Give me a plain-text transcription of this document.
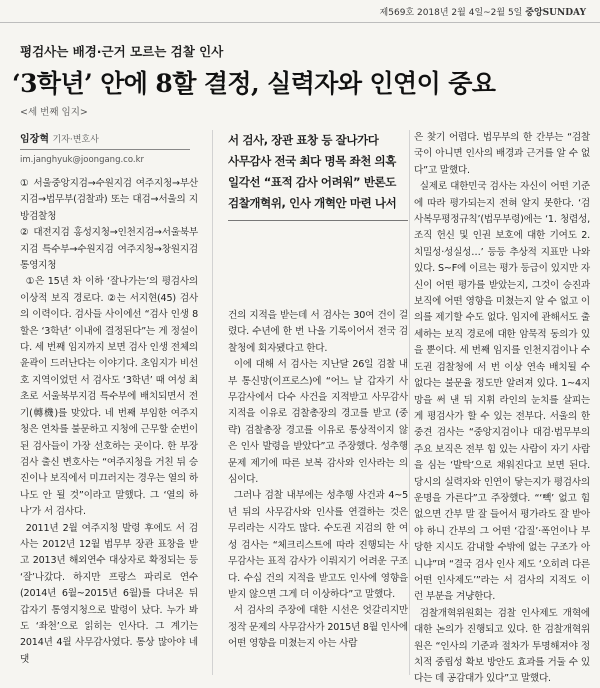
제569호 2018년 2월 4일~2월 5일 중앙SUNDAY
평검사는 배경·근거 모르는 검찰 인사
‘3학년’ 안에 8할 결정, 실력자와 인연이 중요
<세 번째 임지>
임장혁 기자·변호사
im.janghyuk@joongang.co.kr

① 서울중앙지검→수원지검 여주지청→부산지검→법무부(검찰과) 또는 대검→서울의 지방검찰청

② 대전지검 홍성지청→인천지검→서울북부지검 특수부→수원지검 여주지청→창원지검 통영지청

①은 15년 차 이하 ‘잘나가는’의 평검사의 이상적 보직 경로다. ②는 서지현(45) 검사의 이력이다. 검사들 사이에선 “검사 인생 8할은 ‘3학년’ 이내에 결정된다”는 게 정설이다. 세 번째 임지까지 보면 검사 인생 전체의 윤곽이 드러난다는 이야기다. 초임지가 비선호 지역이었던 서 검사도 ‘3학년’ 때 여성 최초로 서울북부지검 특수부에 배치되면서 전기(轉機)를 맞았다. 네 번째 부임한 여주지청은 연차를 불문하고 지청에 근무할 순번이 된 검사들이 가장 선호하는 곳이다. 한 부장 검사 출신 변호사는 “여주지청을 거친 뒤 승진이나 보직에서 미끄러지는 경우는 열의 하나도 안 될 것”이라고 말했다. 그 ‘열의 하나’가 서 검사다.

2011년 2월 여주지청 발령 후에도 서 검사는 2012년 12월 법무부 장관 표창을 받고 2013년 해외연수 대상자로 확정되는 등 ‘잘’나갔다. 하지만 프랑스 파리로 연수(2014년 6월~2015년 6월)를 다녀온 뒤 갑자기 통영지청으로 발령이 났다. 누가 봐도 ‘좌천’으로 읽히는 인사다. 그 계기는 2014년 4월 사무감사였다. 통상 많아야 네댓

서 검사, 장관 표창 등 잘나가다
사무감사 전국 최다 명목 좌천 의혹
일각선 “표적 감사 어려워” 반론도
검찰개혁위, 인사 개혁안 마련 나서

건의 지적을 받는데 서 검사는 30여 건이 걸렸다. 수년에 한 번 나올 기록이어서 전국 검찰청에 회자됐다고 한다.

이에 대해 서 검사는 지난달 26일 검찰 내부 통신망(이프로스)에 “어느 날 갑자기 사무감사에서 다수 사건을 지적받고 사무감사 지적을 이유로 검찰총장의 경고를 받고 (중략) 검찰총장 경고를 이유로 통상적이지 않은 인사 발령을 받았다”고 주장했다. 성추행 문제 제기에 따른 보복 감사와 인사라는 의심이다.

그러나 검찰 내부에는 성추행 사건과 4~5년 뒤의 사무감사와 인사를 연결하는 것은 무리라는 시각도 많다. 수도권 지검의 한 여성 검사는 “체크리스트에 따라 진행되는 사무감사는 표적 감사가 이뤄지기 어려운 구조다. 수십 건의 지적을 받고도 인사에 영향을 받지 않으면 그게 더 이상하다”고 말했다.

서 검사의 주장에 대한 시선은 엇갈리지만 정작 문제의 사무감사가 2015년 8월 인사에 어떤 영향을 미쳤는지 아는 사람

은 찾기 어렵다. 법무부의 한 간부는 “검찰국이 아니면 인사의 배경과 근거를 알 수 없다”고 말했다.

실제로 대한민국 검사는 자신이 어떤 기준에 따라 평가되는지 전혀 알지 못한다. ‘검사복무평정규칙’(법무부령)에는 ‘1. 청렴성, 조직 헌신 및 인권 보호에 대한 기여도 2. 치밀성·성실성…’ 등등 추상적 지표만 나와 있다. S~F에 이르는 평가 등급이 있지만 자신이 어떤 평가를 받았는지, 그것이 승진과 보직에 어떤 영향을 미쳤는지 알 수 없고 이의를 제기할 수도 없다. 임지에 관해서도 출세하는 보직 경로에 대한 암묵적 동의가 있을 뿐이다. 세 번째 임지를 인천지검이나 수도권 검찰청에 서 번 이상 연속 배치될 수 없다는 불문율 정도만 알려져 있다. 1~4지망을 써 낸 뒤 지휘 라인의 눈치를 살피는 게 평검사가 할 수 있는 전부다. 서울의 한 중견 검사는 “중앙지검이나 대검·법무부의 주요 보직은 전부 힘 있는 사람이 자기 사람을 심는 ‘발탁’으로 채워진다고 보면 된다. 당시의 실력자와 인연이 닿는지가 평검사의 운명을 가른다”고 주장했다. “‘빽’ 없고 힘 없으면 간부 말 잘 들어서 평가라도 잘 받아야 하니 간부의 그 어떤 ‘갑질’·폭언이나 부당한 지시도 감내할 수밖에 없는 구조가 아니냐”며 “결국 검사 인사 제도 ‘오히려 다른 어떤 인사제도’”라는 서 검사의 지적도 이런 부분을 겨냥한다.

검찰개혁위원회는 검찰 인사제도 개혁에 대한 논의가 진행되고 있다. 한 검찰개혁위원은 “인사의 기준과 절차가 투명해져야 정치적 중립성 확보 방안도 효과를 거둘 수 있다는 데 공감대가 있다”고 말했다.
